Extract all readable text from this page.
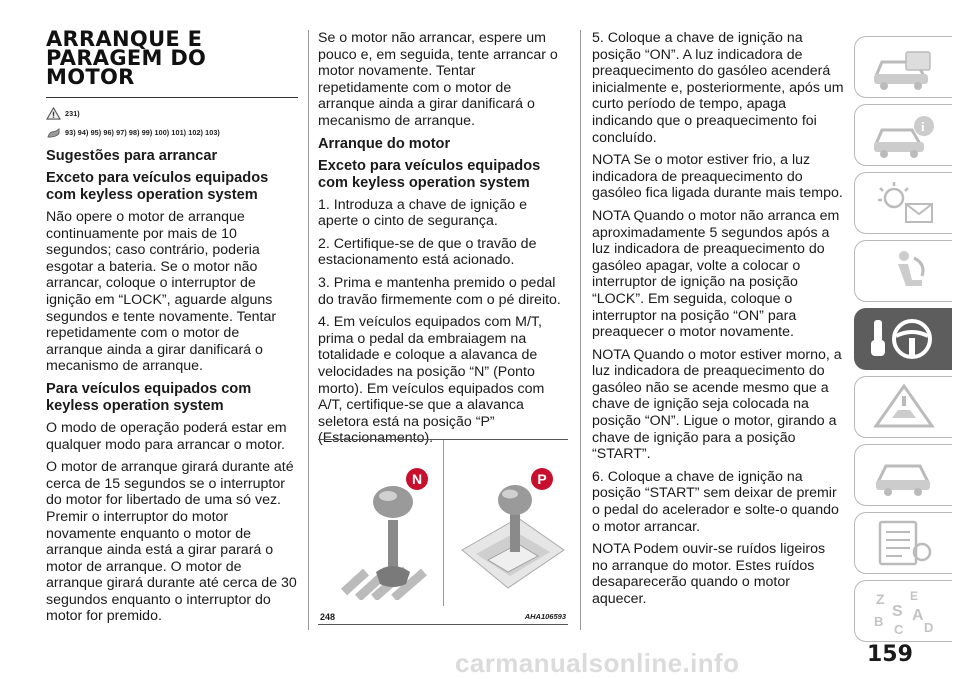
ARRANQUE E PARAGEM DO MOTOR
231)
93) 94) 95) 96) 97) 98) 99) 100) 101) 102) 103)
Sugestões para arrancar
Exceto para veículos equipados com keyless operation system

Não opere o motor de arranque continuamente por mais de 10 segundos; caso contrário, poderia esgotar a bateria. Se o motor não arrancar, coloque o interruptor de ignição em “LOCK”, aguarde alguns segundos e tente novamente. Tentar repetidamente com o motor de arranque ainda a girar danificará o mecanismo de arranque.

Para veículos equipados com keyless operation system

O modo de operação poderá estar em qualquer modo para arrancar o motor.

O motor de arranque girará durante até cerca de 15 segundos se o interruptor do motor for libertado de uma só vez. Premir o interruptor do motor novamente enquanto o motor de arranque ainda está a girar parará o motor de arranque. O motor de arranque girará durante até cerca de 30 segundos enquanto o interruptor do motor for premido.

Se o motor não arrancar, espere um pouco e, em seguida, tente arrancar o motor novamente. Tentar repetidamente com o motor de arranque ainda a girar danificará o mecanismo de arranque.

Arranque do motor
Exceto para veículos equipados com keyless operation system

1. Introduza a chave de ignição e aperte o cinto de segurança.

2. Certifique-se de que o travão de estacionamento está acionado.

3. Prima e mantenha premido o pedal do travão firmemente com o pé direito.

4. Em veículos equipados com M/T, prima o pedal da embraiagem na totalidade e coloque a alavanca de velocidades na posição “N” (Ponto morto). Em veículos equipados com A/T, certifique-se que a alavanca seletora está na posição “P” (Estacionamento).

N	P
248	AHA106593

5. Coloque a chave de ignição na posição “ON”. A luz indicadora de preaquecimento do gasóleo acenderá inicialmente e, posteriormente, após um curto período de tempo, apaga indicando que o preaquecimento foi concluído.

NOTA Se o motor estiver frio, a luz indicadora de preaquecimento do gasóleo fica ligada durante mais tempo.

NOTA Quando o motor não arranca em aproximadamente 5 segundos após a luz indicadora de preaquecimento do gasóleo apagar, volte a colocar o interruptor de ignição na posição “LOCK”. Em seguida, coloque o interruptor na posição “ON” para preaquecer o motor novamente.

NOTA Quando o motor estiver morno, a luz indicadora de preaquecimento do gasóleo não se acende mesmo que a chave de ignição seja colocada na posição “ON”. Ligue o motor, girando a chave de ignição para a posição “START”.

6. Coloque a chave de ignição na posição “START” sem deixar de premir o pedal do acelerador e solte-o quando o motor arrancar.

NOTA Podem ouvir-se ruídos ligeiros no arranque do motor. Estes ruídos desaparecerão quando o motor aquecer.

i
Z E
S A
B
C D
159
carmanualsonline.info
